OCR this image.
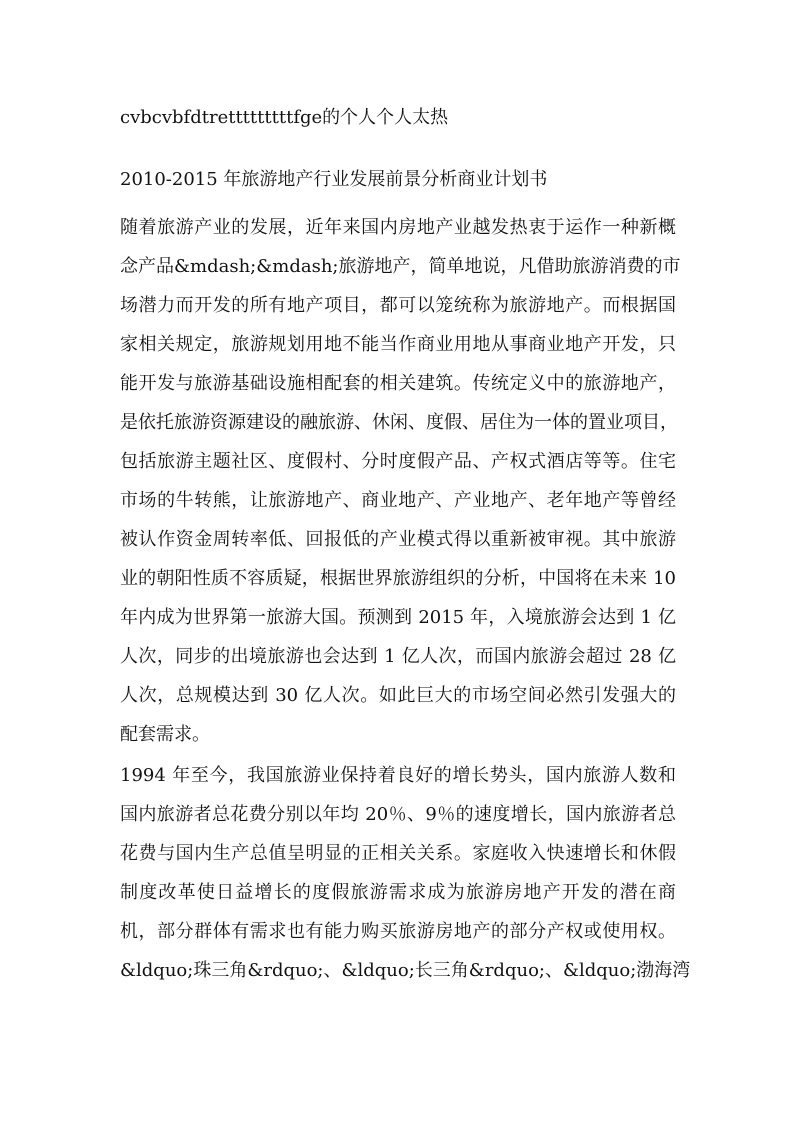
cvbcvbfdtretttttttttfge的个人个人太热

2010-2015 年旅游地产行业发展前景分析商业计划书

随着旅游产业的发展，近年来国内房地产业越发热衷于运作一种新概
念产品&mdash;&mdash;旅游地产，简单地说，凡借助旅游消费的市
场潜力而开发的所有地产项目，都可以笼统称为旅游地产。而根据国
家相关规定，旅游规划用地不能当作商业用地从事商业地产开发，只
能开发与旅游基础设施相配套的相关建筑。传统定义中的旅游地产，
是依托旅游资源建设的融旅游、休闲、度假、居住为一体的置业项目，
包括旅游主题社区、度假村、分时度假产品、产权式酒店等等。住宅
市场的牛转熊，让旅游地产、商业地产、产业地产、老年地产等曾经
被认作资金周转率低、回报低的产业模式得以重新被审视。其中旅游
业的朝阳性质不容质疑，根据世界旅游组织的分析，中国将在未来 10
年内成为世界第一旅游大国。预测到 2015 年，入境旅游会达到 1 亿
人次，同步的出境旅游也会达到 1 亿人次，而国内旅游会超过 28 亿
人次，总规模达到 30 亿人次。如此巨大的市场空间必然引发强大的
配套需求。
1994 年至今，我国旅游业保持着良好的增长势头，国内旅游人数和
国内旅游者总花费分别以年均 20％、9％的速度增长，国内旅游者总
花费与国内生产总值呈明显的正相关关系。家庭收入快速增长和休假
制度改革使日益增长的度假旅游需求成为旅游房地产开发的潜在商
机，部分群体有需求也有能力购买旅游房地产的部分产权或使用权。
&ldquo;珠三角&rdquo;、&ldquo;长三角&rdquo;、&ldquo;渤海湾
